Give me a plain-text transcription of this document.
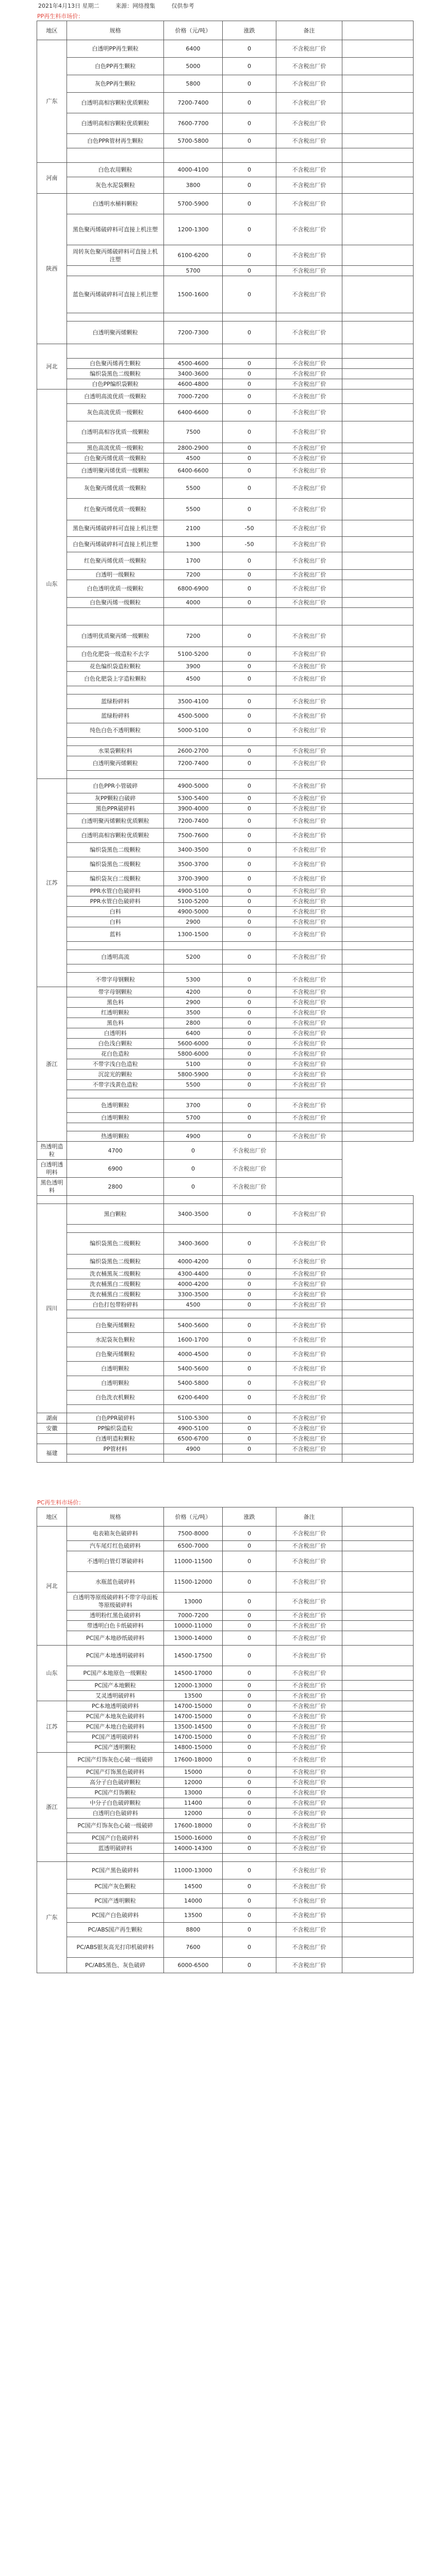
2021年4月13日 星期二	来源：网络搜集	仅供参考
PP再生料市场价：
地区	规格	价格（元/吨）	涨跌	备注	
广东	白透明PP再生颗粒	6400	0	不含税出厂价	
	白色PP再生颗粒	5000	0	不含税出厂价	
	灰色PP再生颗粒	5800	0	不含税出厂价	
	白透明高相容颗粒优质颗粒	7200-7400	0	不含税出厂价	
	白透明高相容颗粒优质颗粒	7600-7700	0	不含税出厂价	
	白色PPR管材再生颗粒	5700-5800	0	不含税出厂价	

河南	白色农用颗粒	4000-4100	0	不含税出厂价	
	灰色水泥袋颗粒	3800	0	不含税出厂价	
陕西	白透明水桶料颗粒	5700-5900	0	不含税出厂价	
	黑色聚丙烯破碎料可直接上机注塑	1200-1300	0	不含税出厂价	
	周转灰色聚丙烯破碎料可直接上机注塑	6100-6200	0	不含税出厂价	
		5700	0	不含税出厂价	
	蓝色聚丙烯破碎料可直接上机注塑	1500-1600	0	不含税出厂价	

	白透明聚丙烯颗粒	7200-7300	0	不含税出厂价	
河北					
	白色聚丙烯再生颗粒	4500-4600	0	不含税出厂价	
	编织袋黑色二级颗粒	3400-3600	0	不含税出厂价	
	白色PP编织袋颗粒	4600-4800	0	不含税出厂价	
山东	白透明高流优质一级颗粒	7000-7200	0	不含税出厂价	
	灰色高流优质一级颗粒	6400-6600	0	不含税出厂价	
	白透明高相容优质一级颗粒	7500	0	不含税出厂价	
	黑色高流优质一级颗粒	2800-2900	0	不含税出厂价	
	白色聚丙烯优质一级颗粒	4500	0	不含税出厂价	
	白透明聚丙烯优质一级颗粒	6400-6600	0	不含税出厂价	
	灰色聚丙烯优质一级颗粒	5500	0	不含税出厂价	
	红色聚丙烯优质一级颗粒	5500	0	不含税出厂价	
	黑色聚丙烯破碎料可直接上机注塑	2100	-50	不含税出厂价	
	白色聚丙烯破碎料可直接上机注塑	1300	-50	不含税出厂价	
	红色聚丙烯优质一级颗粒	1700	0	不含税出厂价	
	白透明一级颗粒	7200	0	不含税出厂价	
	白色透明优质一级颗粒	6800-6900	0	不含税出厂价	
	白色聚丙烯一级颗粒	4000	0	不含税出厂价	

	白透明优质聚丙烯一级颗粒	7200	0	不含税出厂价	
	白色化肥袋一级造粒不去字	5100-5200	0	不含税出厂价	
	花色编织袋造粒颗粒	3900	0	不含税出厂价	
	白色化肥袋上字造粒颗粒	4500	0	不含税出厂价	

	蓝绿粉碎料	3500-4100	0	不含税出厂价	
	蓝绿粉碎料	4500-5000	0	不含税出厂价	
	纯色白色不透明颗粒	5000-5100	0	不含税出厂价	

	水果袋颗粒料	2600-2700	0	不含税出厂价	
	白透明聚丙烯颗粒	7200-7400	0	不含税出厂价	

江苏	白色PPR小管破碎	4900-5000	0	不含税出厂价	
	灰PP颗粒白破碎	5300-5400	0	不含税出厂价	
	黑色PPR破碎料	3900-4000	0	不含税出厂价	
	白透明聚丙烯颗粒优质颗粒	7200-7400	0	不含税出厂价	
	白透明高相容颗粒优质颗粒	7500-7600	0	不含税出厂价	
	编织袋黑色二级颗粒	3400-3500	0	不含税出厂价	
	编织袋黑色二级颗粒	3500-3700	0	不含税出厂价	
	编织袋灰白二级颗粒	3700-3900	0	不含税出厂价	
	PPR水管白色破碎料	4900-5100	0	不含税出厂价	
	PPR水管白色破碎料	5100-5200	0	不含税出厂价	
	白料	4900-5000	0	不含税出厂价	
	白料	2900	0	不含税出厂价	
	蓝料	1300-1500	0	不含税出厂价	

	白透明高流	5200	0	不含税出厂价	

	不带字母钢颗粒	5300	0	不含税出厂价	
浙江	带字母钢颗粒	4200	0	不含税出厂价	
	黑色料	2900	0	不含税出厂价	
	红透明颗粒	3500	0	不含税出厂价	
	黑色料	2800	0	不含税出厂价	
	白透明料	6400	0	不含税出厂价	
	白色浅白颗粒	5600-6000	0	不含税出厂价	
	花白色造粒	5800-6000	0	不含税出厂价	
	不带字浅白色造粒	5100	0	不含税出厂价	
	沉淀光的颗粒	5800-5900	0	不含税出厂价	
	不带字浅黄色造粒	5500	0	不含税出厂价	

	色透明颗粒	3700	0	不含税出厂价	
	白透明颗粒	5700	0	不含税出厂价	

	热透明颗粒	4900	0	不含税出厂价	
热透明造粒	4700	0	不含税出厂价		
白透明透明料	6900	0	不含税出厂价		
黑色透明料	2800	0	不含税出厂价		

四川	黑白颗粒	3400-3500	0	不含税出厂价	

	编织袋黑色二级颗粒	3400-3600	0	不含税出厂价	
	编织袋黑色二级颗粒	4000-4200	0	不含税出厂价	
	洗衣桶黑灰二级颗粒	4300-4400	0	不含税出厂价	
	洗衣桶黑白二级颗粒	4000-4200	0	不含税出厂价	
	洗衣桶黑白二级颗粒	3300-3500	0	不含税出厂价	
	白色打包带粉碎料	4500	0	不含税出厂价	

	白色聚丙烯颗粒	5400-5600	0	不含税出厂价	
	水泥袋灰色颗粒	1600-1700	0	不含税出厂价	
	白色聚丙烯颗粒	4000-4500	0	不含税出厂价	
	白透明颗粒	5400-5600	0	不含税出厂价	
	白透明颗粒	5400-5800	0	不含税出厂价	
	白色洗衣机颗粒	6200-6400	0	不含税出厂价	

湖南	白色PPR破碎料	5100-5300	0	不含税出厂价	
安徽	PP编织袋造粒	4900-5100	0	不含税出厂价	
	白透明造粒颗粒	6500-6700	0	不含税出厂价	
福建	PP管材料	4900	0	不含税出厂价	

PC再生料市场价：
地区	规格	价格（元/吨）	涨跌	备注	
河北	电表箱灰色破碎料	7500-8000	0	不含税出厂价	
	汽车尾灯红色破碎料	6500-7000	0	不含税出厂价	
	不透明白管灯罩破碎料	11000-11500	0	不含税出厂价	
	水瓶蓝色破碎料	11500-12000	0	不含税出厂价	
	白透明等原级破碎料不带字母面板等原级破碎料	13000	0	不含税出厂价	
	透明粉红黑色破碎料	7000-7200	0	不含税出厂价	
	带透明白色卡纸破碎料	10000-11000	0	不含税出厂价	
	PC国产本地砂纸破碎料	13000-14000	0	不含税出厂价	
山东	PC国产本地透明破碎料	14500-17500	0	不含税出厂价	
	PC国产本地原色一级颗粒	14500-17000	0	不含税出厂价	
	PC国产本地颗粒	12000-13000	0	不含税出厂价	
	艾灵透明破碎料	13500	0	不含税出厂价	
江苏	PC本地透明破碎料	14700-15000	0	不含税出厂价	
	PC国产本地灰色破碎料	14700-15000	0	不含税出厂价	
	PC国产本地白色破碎料	13500-14500	0	不含税出厂价	
	PC国产透明破碎料	14700-15000	0	不含税出厂价	
	PC国产透明颗粒	14800-15000	0	不含税出厂价	
浙江	PC国产灯饰灰色心破一级破碎	17600-18000	0	不含税出厂价	
	PC国产灯饰黑色破碎料	15000	0	不含税出厂价	
	高分子白色破碎颗粒	12000	0	不含税出厂价	
	PC国产灯饰颗粒	13000	0	不含税出厂价	
	中分子白色破碎颗粒	11400	0	不含税出厂价	
	白透明白色破碎料	12000	0	不含税出厂价	
	PC国产灯饰灰色心破一级破碎	17600-18000	0	不含税出厂价	
	PC国产白色破碎料	15000-16000	0	不含税出厂价	
	蓝透明破碎料	14000-14300	0	不含税出厂价	

广东	PC国产黑色破碎料	11000-13000	0	不含税出厂价	
	PC国产灰色颗粒	14500	0	不含税出厂价	
	PC国产透明颗粒	14000	0	不含税出厂价	
	PC国产白色破碎料	13500	0	不含税出厂价	
	PC/ABS国产再生颗粒	8800	0	不含税出厂价	
	PC/ABS银灰高光打印机破碎料	7600	0	不含税出厂价	
	PC/ABS黑色、灰色破碎	6000-6500	0	不含税出厂价	
